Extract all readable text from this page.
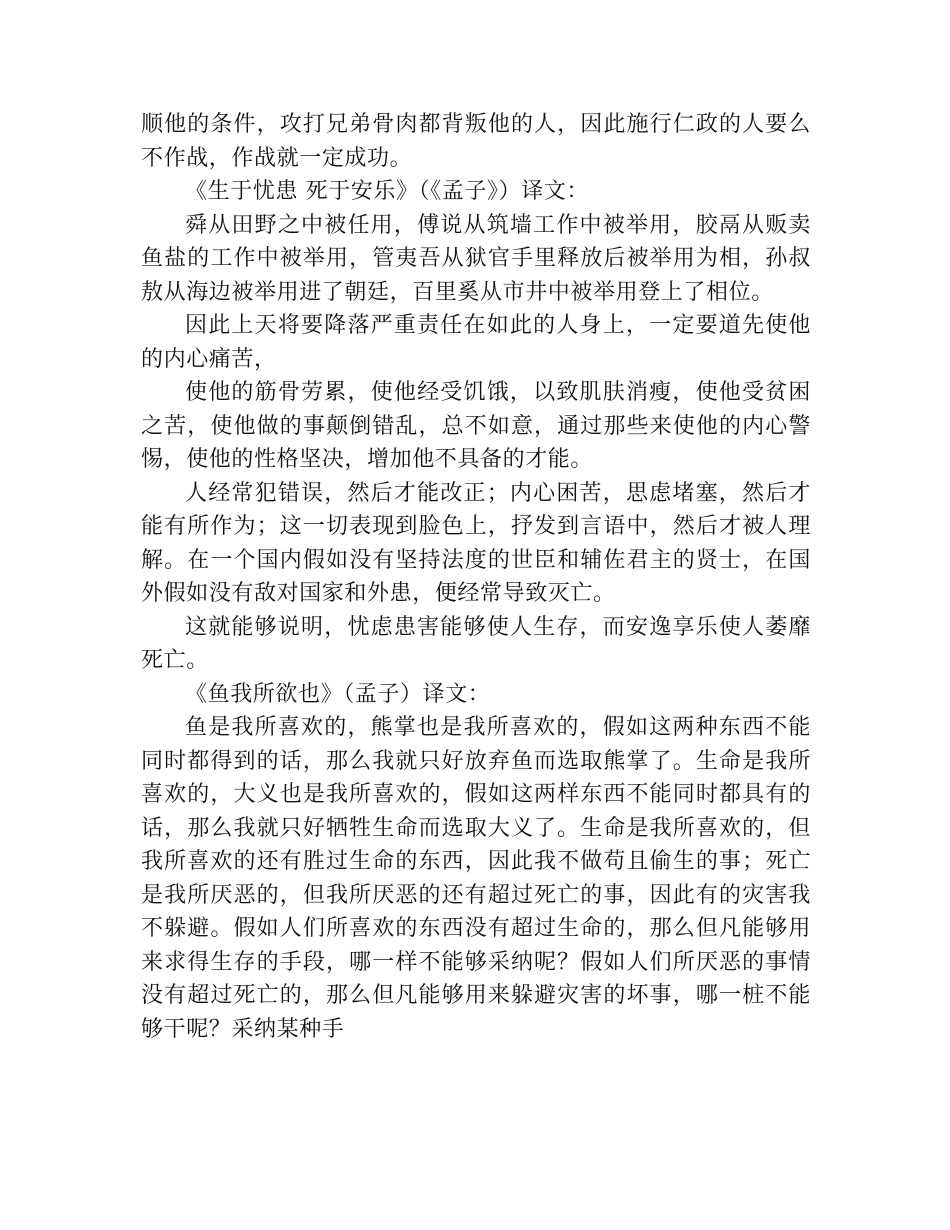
顺他的条件，攻打兄弟骨肉都背叛他的人，因此施行仁政的人要么不作战，作战就一定成功。

《生于忧患 死于安乐》（《孟子》）译文：

舜从田野之中被任用，傅说从筑墙工作中被举用，胶鬲从贩卖鱼盐的工作中被举用，管夷吾从狱官手里释放后被举用为相，孙叔敖从海边被举用进了朝廷，百里奚从市井中被举用登上了相位。

因此上天将要降落严重责任在如此的人身上，一定要道先使他的内心痛苦，

使他的筋骨劳累，使他经受饥饿，以致肌肤消瘦，使他受贫困之苦，使他做的事颠倒错乱，总不如意，通过那些来使他的内心警惕，使他的性格坚决，增加他不具备的才能。

人经常犯错误，然后才能改正；内心困苦，思虑堵塞，然后才能有所作为；这一切表现到脸色上，抒发到言语中，然后才被人理解。在一个国内假如没有坚持法度的世臣和辅佐君主的贤士，在国外假如没有敌对国家和外患，便经常导致灭亡。

这就能够说明，忧虑患害能够使人生存，而安逸享乐使人萎靡死亡。

《鱼我所欲也》（孟子）译文：

鱼是我所喜欢的，熊掌也是我所喜欢的，假如这两种东西不能同时都得到的话，那么我就只好放弃鱼而选取熊掌了。生命是我所喜欢的，大义也是我所喜欢的，假如这两样东西不能同时都具有的话，那么我就只好牺牲生命而选取大义了。生命是我所喜欢的，但我所喜欢的还有胜过生命的东西，因此我不做苟且偷生的事；死亡是我所厌恶的，但我所厌恶的还有超过死亡的事，因此有的灾害我不躲避。假如人们所喜欢的东西没有超过生命的，那么但凡能够用来求得生存的手段，哪一样不能够采纳呢？假如人们所厌恶的事情没有超过死亡的，那么但凡能够用来躲避灾害的坏事，哪一桩不能够干呢？采纳某种手
